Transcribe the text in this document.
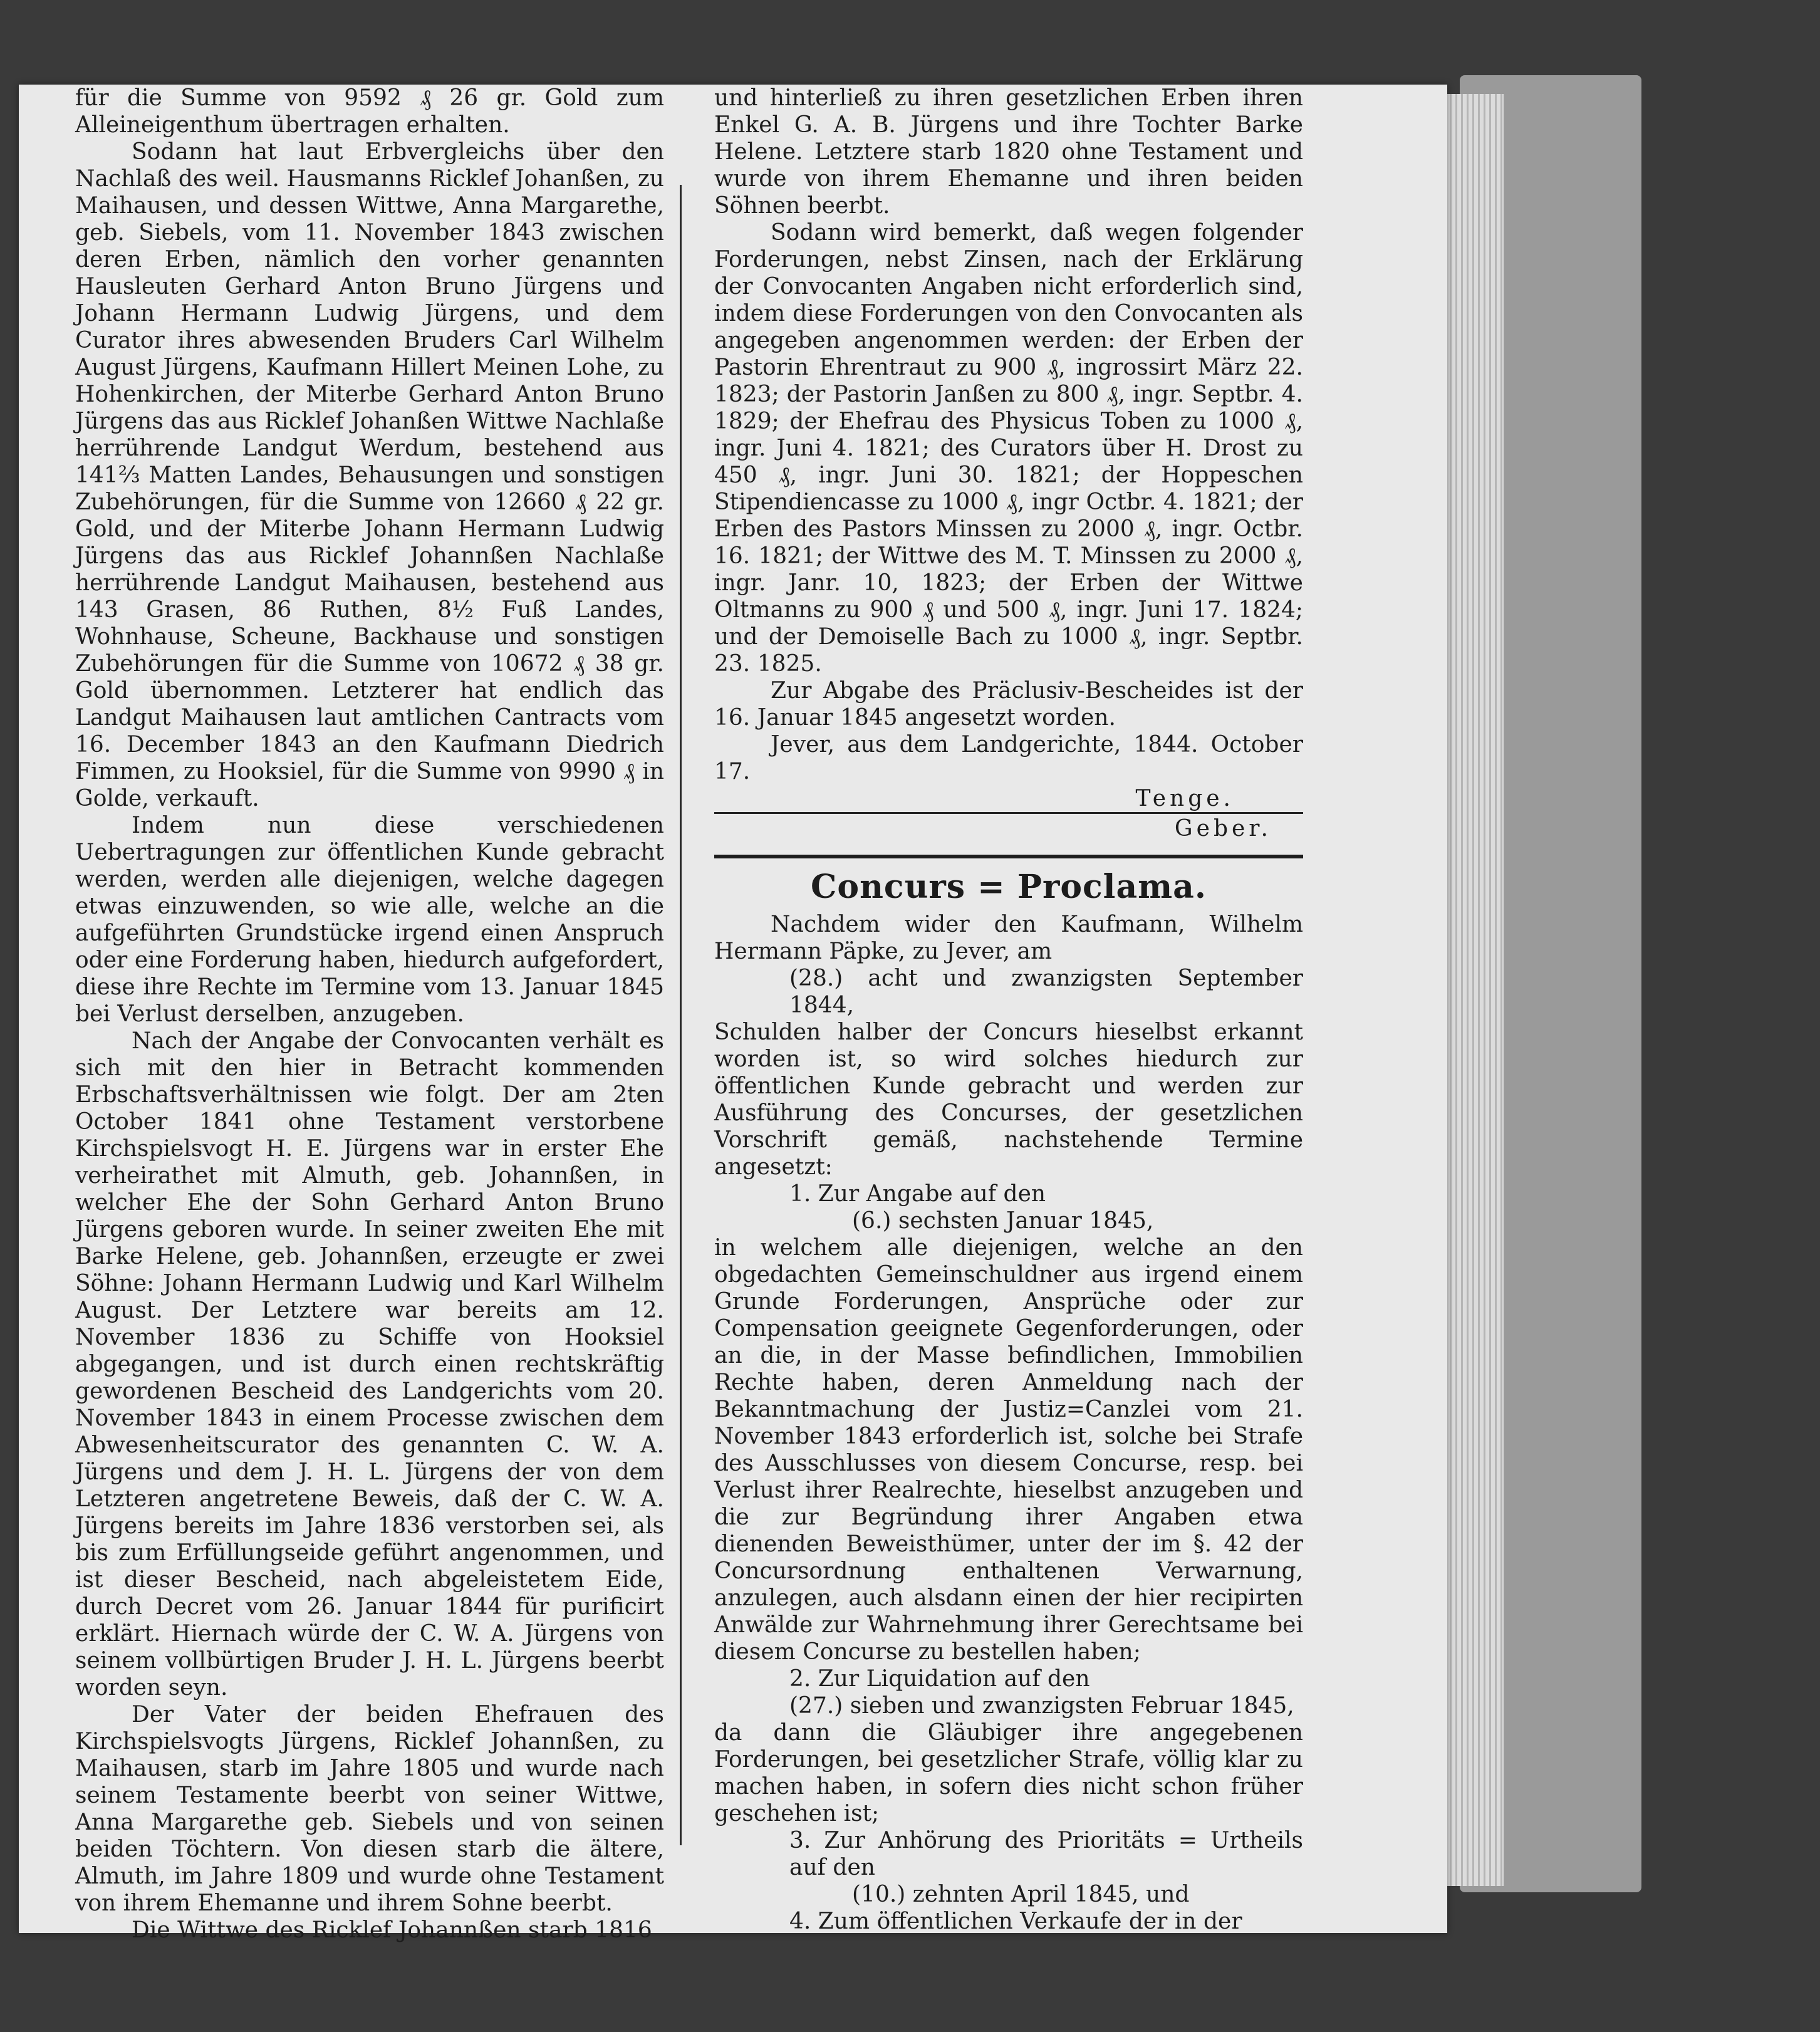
für die Summe von 9592 ₰ 26 gr. Gold zum Alleineigenthum übertragen erhalten.

Sodann hat laut Erbvergleichs über den Nachlaß des weil. Hausmanns Ricklef Johanßen, zu Maihausen, und dessen Wittwe, Anna Margarethe, geb. Siebels, vom 11. November 1843 zwischen deren Erben, nämlich den vorher genannten Hausleuten Gerhard Anton Bruno Jürgens und Johann Hermann Ludwig Jürgens, und dem Curator ihres abwesenden Bruders Carl Wilhelm August Jürgens, Kaufmann Hillert Meinen Lohe, zu Hohenkirchen, der Miterbe Gerhard Anton Bruno Jürgens das aus Ricklef Johanßen Wittwe Nachlaße herrührende Landgut Werdum, bestehend aus 141⅔ Matten Landes, Behausungen und sonstigen Zubehörungen, für die Summe von 12660 ₰ 22 gr. Gold, und der Miterbe Johann Hermann Ludwig Jürgens das aus Ricklef Johannßen Nachlaße herrührende Landgut Maihausen, bestehend aus 143 Grasen, 86 Ruthen, 8½ Fuß Landes, Wohnhause, Scheune, Backhause und sonstigen Zubehörungen für die Summe von 10672 ₰ 38 gr. Gold übernommen. Letzterer hat endlich das Landgut Maihausen laut amtlichen Cantracts vom 16. December 1843 an den Kaufmann Diedrich Fimmen, zu Hooksiel, für die Summe von 9990 ₰ in Golde, verkauft.

Indem nun diese verschiedenen Uebertragungen zur öffentlichen Kunde gebracht werden, werden alle diejenigen, welche dagegen etwas einzuwenden, so wie alle, welche an die aufgeführten Grundstücke irgend einen Anspruch oder eine Forderung haben, hiedurch aufgefordert, diese ihre Rechte im Termine vom 13. Januar 1845 bei Verlust derselben, anzugeben.

Nach der Angabe der Convocanten verhält es sich mit den hier in Betracht kommenden Erbschaftsverhältnissen wie folgt. Der am 2ten October 1841 ohne Testament verstorbene Kirchspielsvogt H. E. Jürgens war in erster Ehe verheirathet mit Almuth, geb. Johannßen, in welcher Ehe der Sohn Gerhard Anton Bruno Jürgens geboren wurde. In seiner zweiten Ehe mit Barke Helene, geb. Johannßen, erzeugte er zwei Söhne: Johann Hermann Ludwig und Karl Wilhelm August. Der Letztere war bereits am 12. November 1836 zu Schiffe von Hooksiel abgegangen, und ist durch einen rechtskräftig gewordenen Bescheid des Landgerichts vom 20. November 1843 in einem Processe zwischen dem Abwesenheitscurator des genannten C. W. A. Jürgens und dem J. H. L. Jürgens der von dem Letzteren angetretene Beweis, daß der C. W. A. Jürgens bereits im Jahre 1836 verstorben sei, als bis zum Erfüllungseide geführt angenommen, und ist dieser Bescheid, nach abgeleistetem Eide, durch Decret vom 26. Januar 1844 für purificirt erklärt. Hiernach würde der C. W. A. Jürgens von seinem vollbürtigen Bruder J. H. L. Jürgens beerbt worden seyn.

Der Vater der beiden Ehefrauen des Kirchspielsvogts Jürgens, Ricklef Johannßen, zu Maihausen, starb im Jahre 1805 und wurde nach seinem Testamente beerbt von seiner Wittwe, Anna Margarethe geb. Siebels und von seinen beiden Töchtern. Von diesen starb die ältere, Almuth, im Jahre 1809 und wurde ohne Testament von ihrem Ehemanne und ihrem Sohne beerbt.

Die Wittwe des Ricklef Johannßen starb 1816

und hinterließ zu ihren gesetzlichen Erben ihren Enkel G. A. B. Jürgens und ihre Tochter Barke Helene. Letztere starb 1820 ohne Testament und wurde von ihrem Ehemanne und ihren beiden Söhnen beerbt.

Sodann wird bemerkt, daß wegen folgender Forderungen, nebst Zinsen, nach der Erklärung der Convocanten Angaben nicht erforderlich sind, indem diese Forderungen von den Convocanten als angegeben angenommen werden: der Erben der Pastorin Ehrentraut zu 900 ₰, ingrossirt März 22. 1823; der Pastorin Janßen zu 800 ₰, ingr. Septbr. 4. 1829; der Ehefrau des Physicus Toben zu 1000 ₰, ingr. Juni 4. 1821; des Curators über H. Drost zu 450 ₰, ingr. Juni 30. 1821; der Hoppeschen Stipendiencasse zu 1000 ₰, ingr Octbr. 4. 1821; der Erben des Pastors Minssen zu 2000 ₰, ingr. Octbr. 16. 1821; der Wittwe des M. T. Minssen zu 2000 ₰, ingr. Janr. 10, 1823; der Erben der Wittwe Oltmanns zu 900 ₰ und 500 ₰, ingr. Juni 17. 1824; und der Demoiselle Bach zu 1000 ₰, ingr. Septbr. 23. 1825.

Zur Abgabe des Präclusiv-Bescheides ist der 16. Januar 1845 angesetzt worden.

Jever, aus dem Landgerichte, 1844. October 17.

Tenge.

Geber.

Concurs = Proclama.

Nachdem wider den Kaufmann, Wilhelm Hermann Päpke, zu Jever, am

(28.) acht und zwanzigsten September 1844,

Schulden halber der Concurs hieselbst erkannt worden ist, so wird solches hiedurch zur öffentlichen Kunde gebracht und werden zur Ausführung des Concurses, der gesetzlichen Vorschrift gemäß, nachstehende Termine angesetzt:

1. Zur Angabe auf den

(6.) sechsten Januar 1845,

in welchem alle diejenigen, welche an den obgedachten Gemeinschuldner aus irgend einem Grunde Forderungen, Ansprüche oder zur Compensation geeignete Gegenforderungen, oder an die, in der Masse befindlichen, Immobilien Rechte haben, deren Anmeldung nach der Bekanntmachung der Justiz=Canzlei vom 21. November 1843 erforderlich ist, solche bei Strafe des Ausschlusses von diesem Concurse, resp. bei Verlust ihrer Realrechte, hieselbst anzugeben und die zur Begründung ihrer Angaben etwa dienenden Beweisthümer, unter der im §. 42 der Concursordnung enthaltenen Verwarnung, anzulegen, auch alsdann einen der hier recipirten Anwälde zur Wahrnehmung ihrer Gerechtsame bei diesem Concurse zu bestellen haben;

2. Zur Liquidation auf den

(27.) sieben und zwanzigsten Februar 1845,

da dann die Gläubiger ihre angegebenen Forderungen, bei gesetzlicher Strafe, völlig klar zu machen haben, in sofern dies nicht schon früher geschehen ist;

3. Zur Anhörung des Prioritäts = Urtheils auf den

(10.) zehnten April 1845, und

4. Zum öffentlichen Verkaufe der in der
